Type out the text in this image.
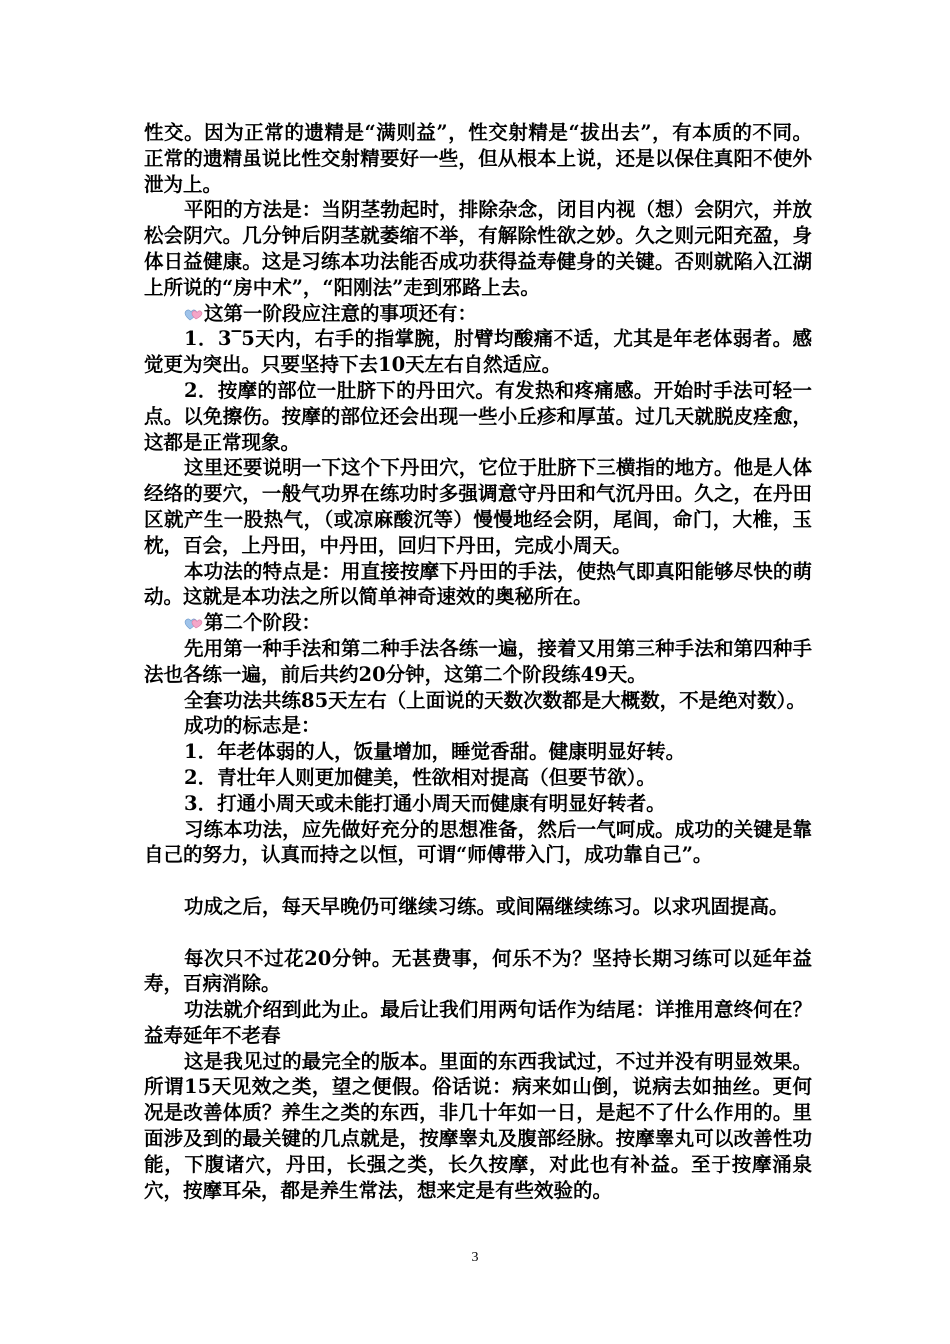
性交。因为正常的遗精是“满则益”，性交射精是“拔出去”，有本质的不同。正常的遗精虽说比性交射精要好一些，但从根本上说，还是以保住真阳不使外泄为上。

平阳的方法是：当阴茎勃起时，排除杂念，闭目内视（想）会阴穴，并放松会阴穴。几分钟后阴茎就萎缩不举，有解除性欲之妙。久之则元阳充盈，身体日益健康。这是习练本功法能否成功获得益寿健身的关键。否则就陷入江湖上所说的“房中术”，“阳刚法”走到邪路上去。

这第一阶段应注意的事项还有：

1．3‾5天内，右手的指掌腕，肘臂均酸痛不适，尤其是年老体弱者。感觉更为突出。只要坚持下去10天左右自然适应。

2．按摩的部位一肚脐下的丹田穴。有发热和疼痛感。开始时手法可轻一点。以免擦伤。按摩的部位还会出现一些小丘疹和厚茧。过几天就脱皮痊愈，这都是正常现象。

这里还要说明一下这个下丹田穴，它位于肚脐下三横指的地方。他是人体经络的要穴，一般气功界在练功时多强调意守丹田和气沉丹田。久之，在丹田区就产生一股热气，（或凉麻酸沉等）慢慢地经会阴，尾闾，命门，大椎，玉枕，百会，上丹田，中丹田，回归下丹田，完成小周天。

本功法的特点是：用直接按摩下丹田的手法，使热气即真阳能够尽快的萌动。这就是本功法之所以简单神奇速效的奥秘所在。

第二个阶段：

先用第一种手法和第二种手法各练一遍，接着又用第三种手法和第四种手法也各练一遍，前后共约20分钟，这第二个阶段练49天。

全套功法共练85天左右（上面说的天数次数都是大概数，不是绝对数）。

成功的标志是：

1．年老体弱的人，饭量增加，睡觉香甜。健康明显好转。

2．青壮年人则更加健美，性欲相对提高（但要节欲）。

3．打通小周天或未能打通小周天而健康有明显好转者。

习练本功法，应先做好充分的思想准备，然后一气呵成。成功的关键是靠自己的努力，认真而持之以恒，可谓“师傅带入门，成功靠自己”。

功成之后，每天早晚仍可继续习练。或间隔继续练习。以求巩固提高。

每次只不过花20分钟。无甚费事，何乐不为？坚持长期习练可以延年益寿，百病消除。

功法就介绍到此为止。最后让我们用两句话作为结尾：详推用意终何在？益寿延年不老春

这是我见过的最完全的版本。里面的东西我试过，不过并没有明显效果。所谓15天见效之类，望之便假。俗话说：病来如山倒，说病去如抽丝。更何况是改善体质？养生之类的东西，非几十年如一日，是起不了什么作用的。里面涉及到的最关键的几点就是，按摩睾丸及腹部经脉。按摩睾丸可以改善性功能，下腹诸穴，丹田，长强之类，长久按摩，对此也有补益。至于按摩涌泉穴，按摩耳朵，都是养生常法，想来定是有些效验的。

3
